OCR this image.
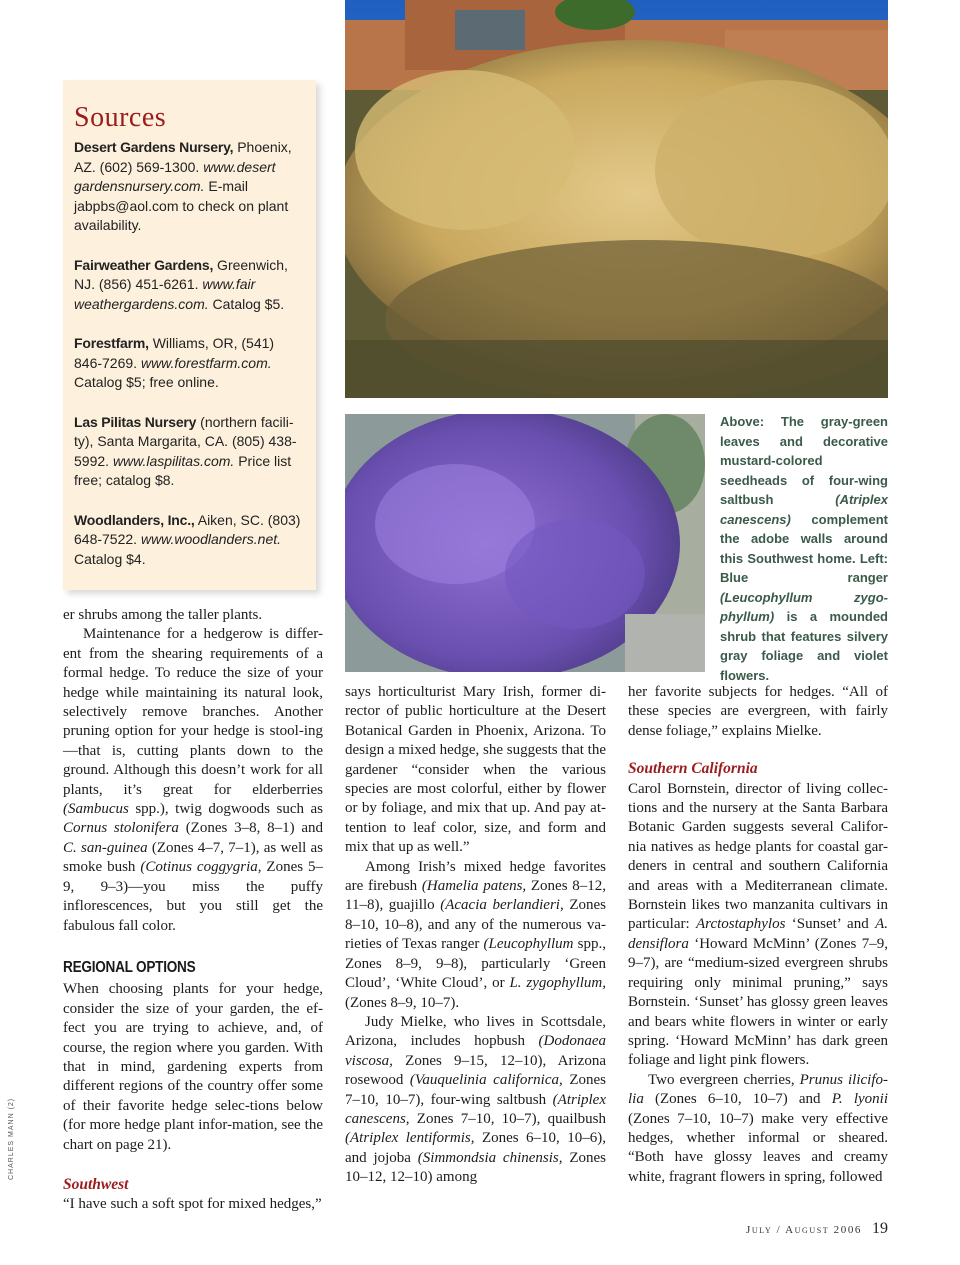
Sources
Desert Gardens Nursery, Phoenix, AZ. (602) 569-1300. www.desert gardensnursery.com. E-mail jabpbs@aol.com to check on plant availability.
Fairweather Gardens, Greenwich, NJ. (856) 451-6261. www.fair weathergardens.com. Catalog $5.
Forestfarm, Williams, OR, (541) 846-7269. www.forestfarm.com. Catalog $5; free online.
Las Pilitas Nursery (northern facili-ty), Santa Margarita, CA. (805) 438-5992. www.laspilitas.com. Price list free; catalog $8.
Woodlanders, Inc., Aiken, SC. (803) 648-7522. www.woodlanders.net. Catalog $4.
Above: The gray-green leaves and decorative mustard-colored seedheads of four-wing saltbush (Atriplex canescens) complement the adobe walls around this Southwest home. Left: Blue ranger (Leucophyllum zygo-phyllum) is a mounded shrub that features silvery gray foliage and violet flowers.

er shrubs among the taller plants.

Maintenance for a hedgerow is differ-ent from the shearing requirements of a formal hedge. To reduce the size of your hedge while maintaining its natural look, selectively remove branches. Another pruning option for your hedge is stool-ing—that is, cutting plants down to the ground. Although this doesn’t work for all plants, it’s great for elderberries (Sambucus spp.), twig dogwoods such as Cornus stolonifera (Zones 3–8, 8–1) and C. san-guinea (Zones 4–7, 7–1), as well as smoke bush (Cotinus coggygria, Zones 5–9, 9–3)—you miss the puffy inflorescences, but you still get the fabulous fall color.

REGIONAL OPTIONS

When choosing plants for your hedge, consider the size of your garden, the ef-fect you are trying to achieve, and, of course, the region where you garden. With that in mind, gardening experts from different regions of the country offer some of their favorite hedge selec-tions below (for more hedge plant infor-mation, see the chart on page 21).

Southwest

“I have such a soft spot for mixed hedges,”

says horticulturist Mary Irish, former di-rector of public horticulture at the Desert Botanical Garden in Phoenix, Arizona. To design a mixed hedge, she suggests that the gardener “consider when the various species are most colorful, either by flower or by foliage, and mix that up. And pay at-tention to leaf color, size, and form and mix that up as well.”

Among Irish’s mixed hedge favorites are firebush (Hamelia patens, Zones 8–12, 11–8), guajillo (Acacia berlandieri, Zones 8–10, 10–8), and any of the numerous va-rieties of Texas ranger (Leucophyllum spp., Zones 8–9, 9–8), particularly ‘Green Cloud’, ‘White Cloud’, or L. zygophyllum, (Zones 8–9, 10–7).

Judy Mielke, who lives in Scottsdale, Arizona, includes hopbush (Dodonaea viscosa, Zones 9–15, 12–10), Arizona rosewood (Vauquelinia californica, Zones 7–10, 10–7), four-wing saltbush (Atriplex canescens, Zones 7–10, 10–7), quailbush (Atriplex lentiformis, Zones 6–10, 10–6), and jojoba (Simmondsia chinensis, Zones 10–12, 12–10) among

her favorite subjects for hedges. “All of these species are evergreen, with fairly dense foliage,” explains Mielke.

Southern California

Carol Bornstein, director of living collec-tions and the nursery at the Santa Barbara Botanic Garden suggests several Califor-nia natives as hedge plants for coastal gar-deners in central and southern California and areas with a Mediterranean climate. Bornstein likes two manzanita cultivars in particular: Arctostaphylos ‘Sunset’ and A. densiflora ‘Howard McMinn’ (Zones 7–9, 9–7), are “medium-sized evergreen shrubs requiring only minimal pruning,” says Bornstein. ‘Sunset’ has glossy green leaves and bears white flowers in winter or early spring. ‘Howard McMinn’ has dark green foliage and light pink flowers.

Two evergreen cherries, Prunus ilicifo-lia (Zones 6–10, 10–7) and P. lyonii (Zones 7–10, 10–7) make very effective hedges, whether informal or sheared. “Both have glossy leaves and creamy white, fragrant flowers in spring, followed

CHARLES MANN (2)
July / August 2006 19
